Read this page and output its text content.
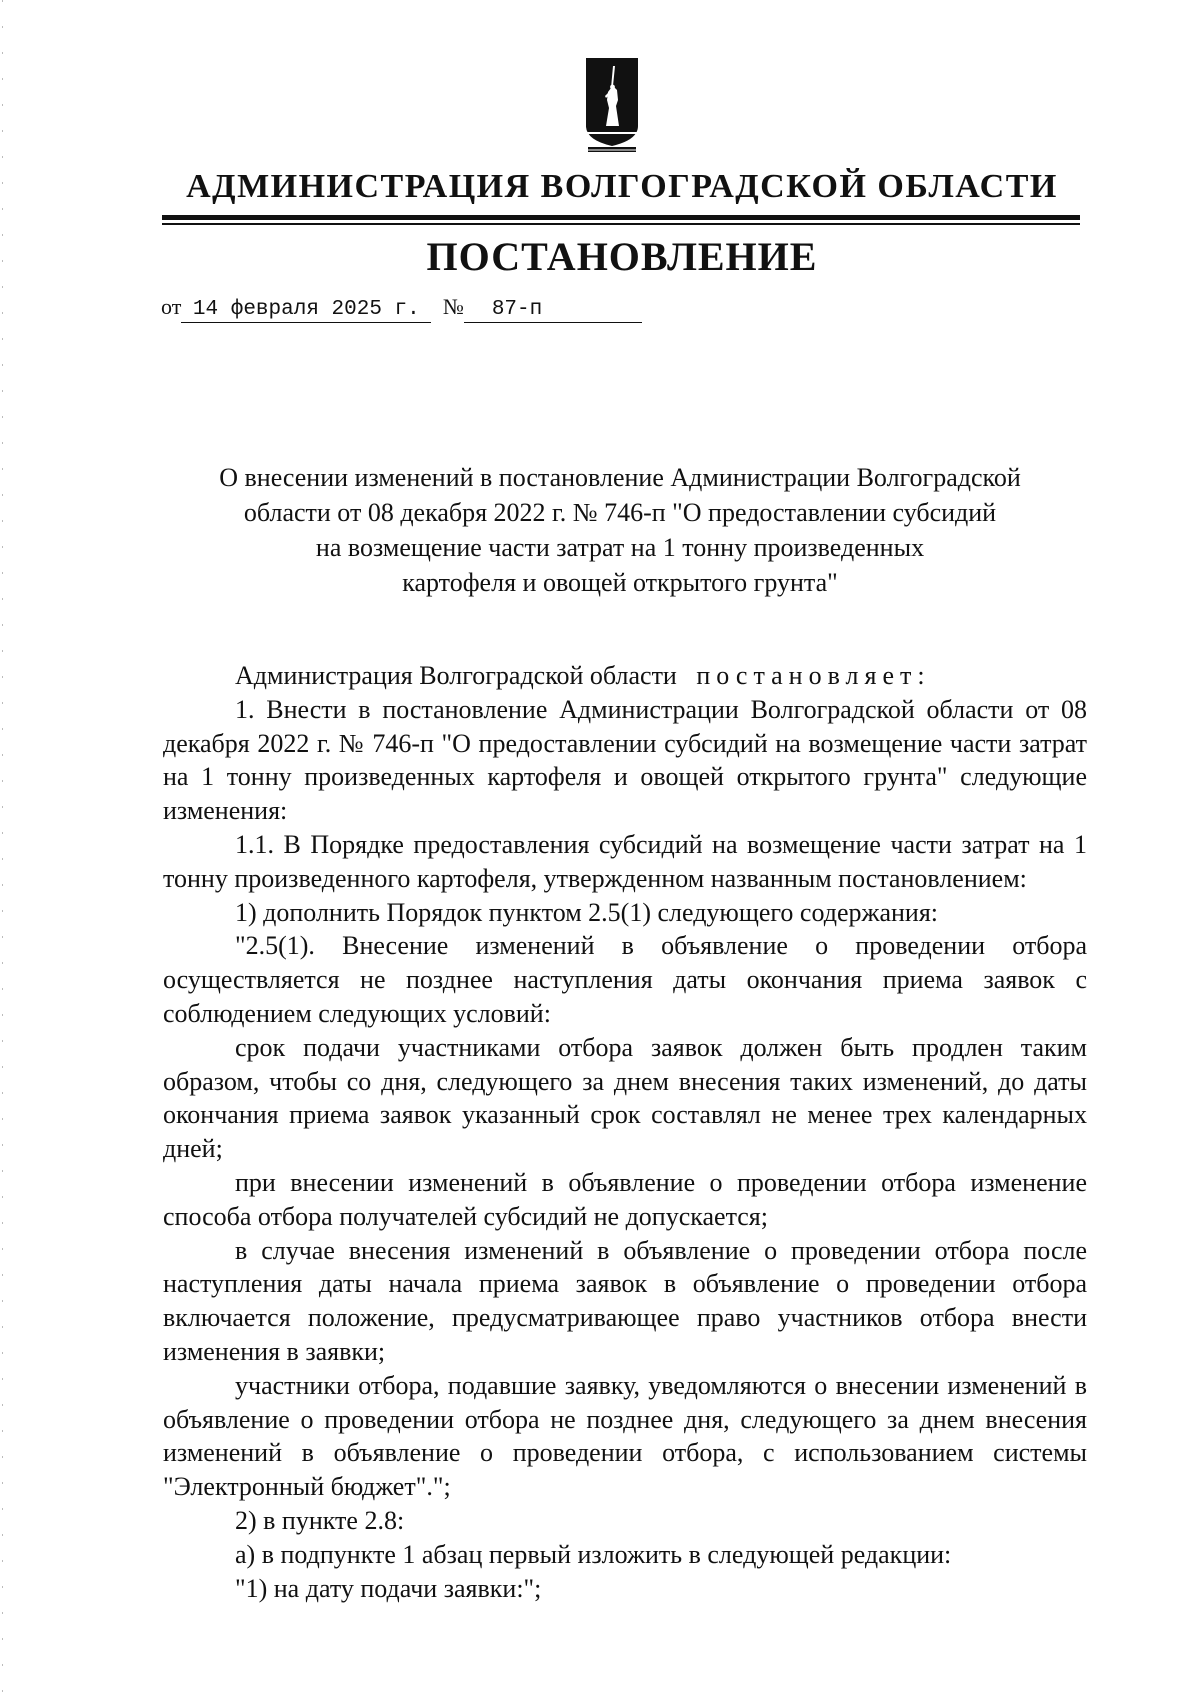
АДМИНИСТРАЦИЯ ВОЛГОГРАДСКОЙ ОБЛАСТИ
ПОСТАНОВЛЕНИЕ
от 14 февраля 2025 г. № 87-п
О внесении изменений в постановление Администрации Волгоградской
области от 08 декабря 2022 г. № 746-п "О предоставлении субсидий
на возмещение части затрат на 1 тонну произведенных
картофеля и овощей открытого грунта"

Администрация Волгоградской области постановляет:

1. Внести в постановление Администрации Волгоградской области от 08 декабря 2022 г. № 746-п "О предоставлении субсидий на возмещение части затрат на 1 тонну произведенных картофеля и овощей открытого грунта" следующие изменения:

1.1. В Порядке предоставления субсидий на возмещение части затрат на 1 тонну произведенного картофеля, утвержденном названным постановлением:

1) дополнить Порядок пунктом 2.5(1) следующего содержания:

"2.5(1). Внесение изменений в объявление о проведении отбора осуществляется не позднее наступления даты окончания приема заявок с соблюдением следующих условий:

срок подачи участниками отбора заявок должен быть продлен таким образом, чтобы со дня, следующего за днем внесения таких изменений, до даты окончания приема заявок указанный срок составлял не менее трех календарных дней;

при внесении изменений в объявление о проведении отбора изменение способа отбора получателей субсидий не допускается;

в случае внесения изменений в объявление о проведении отбора после наступления даты начала приема заявок в объявление о проведении отбора включается положение, предусматривающее право участников отбора внести изменения в заявки;

участники отбора, подавшие заявку, уведомляются о внесении изменений в объявление о проведении отбора не позднее дня, следующего за днем внесения изменений в объявление о проведении отбора, с использованием системы "Электронный бюджет".";

2) в пункте 2.8:

а) в подпункте 1 абзац первый изложить в следующей редакции:

"1) на дату подачи заявки:";
